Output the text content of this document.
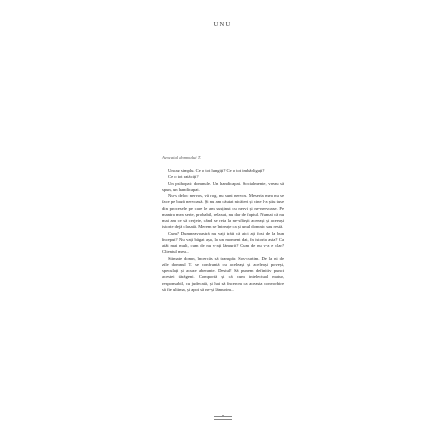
UNU
Avocatul domnului T.

Uncaz simplu. Ce o tot lungiți? Ce o tot imbârligați?

Ce o tot ratăciți?

Un psihopat: domnule. Un handicapat. Socialmente, vreau să spun, un handicapat.

Nu-s deloc nervos, vă rog, nu sunt nervos. Meseria mea nu se face pe bază nervoasă. Și nu am căutat nicăieri și cine l-a știu tuse din procesele pe care le am susținut cu nervi și ne-nervoase. Pe mantra mea serie, probabil, relaxat, nu dar de faptul. Numai că nu mai am ce să cerjeie, când se reia la ne-sfârșit aceeași și aceeași istorie dejă clasată. Merem se întreațe ca și unul domnic sau restă.

Cum? Dumneavoastră nu vați trăit că aici ați fost de la bun început? Nu vați băgat așa, la un moment dat, în istoria asta? Ca atât mai mult, cum de nu v-ați lămurit? Cum de nu v-a e clar? Clientul meu...

Stimate domn, încercăs să transpăr. Sos-curtim. De la ni de zile domnul T. se confruntă cu aceleași și aceleași poveșt, speculați și acuze aberante. Destul! Să punem definitiv punct acestei tărăgeni. Comportă și că cum intelectual matur, responsabil, cu judecată, și hai să încercm ca aceasta convorbire să fie ultima, și apoi să ne-și lămurim...
